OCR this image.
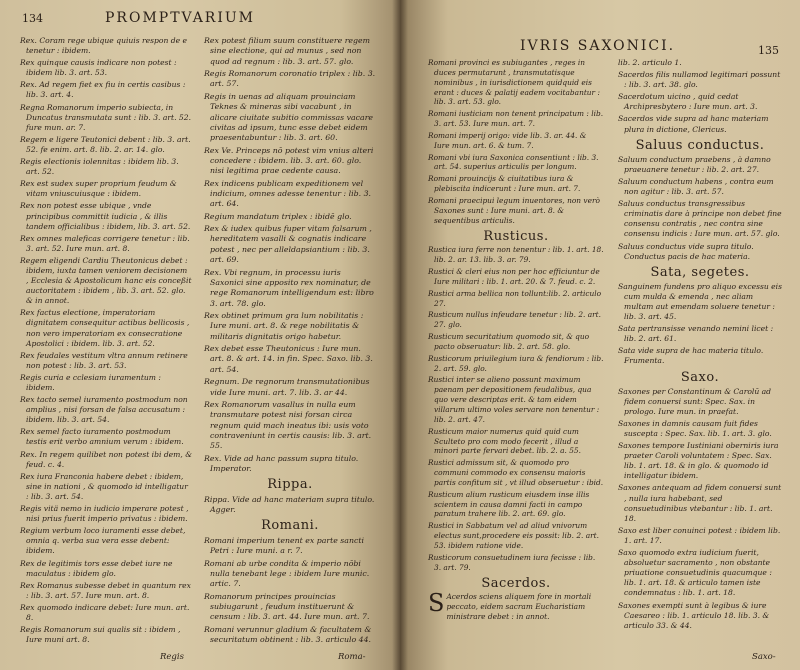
134	PROMPTVARIUM

Rex. Coram rege ubique quiuis respon de e tenetur : ibidem.

Rex quinque causis indicare non potest : ibidem lib. 3. art. 53.

Rex. Ad regem fiet ex fiu in certis casibus : lib. 3. art. 4.

Regna Romanorum imperio subiecta, in Duncatus transmutata sunt : lib. 3. art. 52. fure mun. ar. 7.

Regem e ligere Teutonici debent : lib. 3. art. 52. fe enim. art. 8. lib. 2. ar. 14. glo.

Regis electionis iolennitas : ibidem lib. 3. art. 52.

Rex est sudex super proprium feudum & vitam vniuscuiusque : ibidem.

Rex non potest esse ubique , vnde principibus committit iudicia , & illis tandem officialibus : ibidem, lib. 3. art. 52.

Rex omnes maleficas corrigere tenetur : lib. 3. art. 52. Iure mun. art. 8.

Regem eligendi Cardiu Theutonicus debet : ibidem, iuxta tamen veniorem decisionem , Ecclesia & Apostolicum hanc eis conceßit auctoritatem : ibidem , lib. 3. art. 52. glo. & in annot.

Rex factus electione, imperatoriam dignitatem consequitur actibus bellicosis , non vero imperatoriam ex consecratione Apostolici : ibidem. lib. 3. art. 52.

Rex feudales vestitum vltra annum retinere non potest : lib. 3. art. 53.

Regis curia e cclesiam iuramentum : ibidem.

Rex tacto semel iuramento postmodum non amplius , nisi forsan de falsa accusatum : ibidem. lib. 3. art. 54.

Rex semel facto iuramento postmodum testis erit verbo amnium verum : ibidem.

Rex. In regem quilibet non potest ibi dem, & feud. c. 4.

Rex iura Franconia habere debet : ibidem, sine in nationi , & quomodo id intelligatur : lib. 3. art. 54.

Regis vitä nemo in iudicio imperare potest , nisi prius fuerit imperio privatus : ibidem.

Regium verbum loco iuramenti esse debet, omnia q. verba sua vera esse debent: ibidem.

Rex de legitimis tors esse debet iure ne maculatus : ibidem glo.

Rex Romanus subesse debet in quantum rex : lib. 3. art. 57. Iure mun. art. 8.

Rex quomodo indicare debet: Iure mun. art. 8.

Regis Romanorum sui qualis sit : ibidem , Iure muni art. 8.

Regis

Rex potest filium suum constituere regem sine electione, qui ad munus , sed non quod ad regnum : lib. 3. art. 57. glo.

Regis Romanorum coronatio triplex : lib. 3. art. 57.

Regis in uenas ad aliquam prouinciam Teknes & mineras sibi vacabunt , in alicare ciuitate subitio commissas vacare civitas ad ipsum, tunc esse debet eidem praesentabuntur : lib. 3. art. 60.

Rex Ve. Princeps nō potest vim vnius alteri concedere : ibidem. lib. 3. art. 60. glo. nisi legitima prae cedente causa.

Rex indicens publicam expeditionem vel indicium, omnes adesse tenentur : lib. 3. art. 64.

Regium mandatum triplex : ibidē glo.

Rex & iudex quibus fuper vitam falsarum , hereditatem vasalli & cognatis indicare potest , nec per alleldapsiantium : lib. 3. art. 69.

Rex. Vbi regnum, in processu iuris Saxonici sine apposito rex nominatur, de rege Romanorum intelligendum est: libro 3. art. 78. glo.

Rex obtinet primum gra lum nobilitatis : Iure muni. art. 8. & rege nobilitatis & militaris dignitatis origo habetur.

Rex debet esse Theutonicus : Iure mun. art. 8. & art. 14. in fin. Spec. Saxo. lib. 3. art. 54.

Regnum. De regnorum transmutationibus vide Iure muni. art. 7. lib. 3. ar 44.

Rex Romanorum vasallus in nulla eum transmutare potest nisi forsan circa regnum quid mach ineatus ibi: usis voto contraveniunt in certis causis: lib. 3. art. 55.

Rex. Vide ad hanc passum supra titulo. Imperator.

Rippa.

Rippa. Vide ad hanc materiam supra titulo. Agger.

Romani.

Romani imperium tenent ex parte sancti Petri : Iure muni. a r. 7.

Romani ab urbe condita & imperio nōbi nulla tenebant lege : ibidem Iure munic. artic. 7.

Romanorum principes prouincias subiugarunt , feudum instituerunt & censum : lib. 3. art. 44. Iure mun. art. 7.

Romani verunnur gladium & facultatem & securitatum obtinent : lib. 3. articulo 44.

Roma-
IVRIS SAXONICI.	135

Romani provinci es subiugantes , reges in duces permutarunt , transmutatisque nominibus , in iurisdictionem quidquid eis erant : duces & palatij eadem vocitabantur : lib. 3. art. 53. glo.

Romani iusticiam non tenent principatum : lib. 3. art. 53. Iure mun. art. 7.

Romani imperij origo: vide lib. 3. ar. 44. & Iure mun. art. 6. & tum. 7.

Romani vbi iura Saxonica consentiunt : lib. 3. art. 54. superius articulis per longum.

Romani prouincijs & ciuitatibus iura & plebiscita indicerunt : Iure mun. art. 7.

Romani praecipui legum inuentores, non verò Saxones sunt : Iure muni. art. 8. & sequentibus articulis.

Rusticus.

Rustica iura ferre non tenentur : lib. 1. art. 18. lib. 2. ar. 13. lib. 3. ar. 79.

Rustici & cleri eius non per hoc efficiuntur de Iure militari : lib. 1. art. 20. & 7. feud. c. 2.

Rustici arma bellica non tollunt:lib. 2. articulo 27.

Rusticum nullus infeudare tenetur : lib. 2. art. 27. glo.

Rusticum securitatium quomodo sit, & quo pacto obseruatur: lib. 2. art. 58. glo.

Rusticorum priuilegium iura & fendiorum : lib. 2. art. 59. glo.

Rustici inter se alieno possunt maximum paenam per depositionem feudalibus, qua quo vere descriptas erit. & tam eidem villarum ultimo voles servare non tenentur : lib. 2. art. 47.

Rusticum maior numerus quid quid cum Sculteto pro com modo fecerit , illud a minori parte fervari debet. lib. 2. a. 55.

Rustici admissum sit, & quomodo pro communi commodo ex consensu maioris partis confitum sit , vt illud obseruetur : ibid.

Rusticum alium rusticum eiusdem inse illis scientem in causa damni facti in campo paratum trahere lib. 2. art. 69. glo.

Rustici in Sabbatum vel ad aliud vnivorum electus sunt,procedere eis possit: lib. 2. art. 53. ibidem ratione vide.

Rusticorum consuetudinem iura fecisse : lib. 3. art. 79.

Sacerdos.

S Acerdos sciens aliquem fore in mortali peccato, eidem sacram Eucharistiam ministrare debet : in annot.

lib. 2. articulo 1.

Sacerdos filis nullamod legitimari possunt : lib. 3. art. 38. glo.

Sacerdotum uicino , quid cedat Archipresbytero : Iure mun. art. 3.

Sacerdos vide supra ad hanc materiam plura in dictione, Clericus.

Saluus conductus.

Saluum conductum praebens , à damno praeuanere tenetur : lib. 2. art. 27.

Saluum conductum habens , contra eum non agitur : lib. 3. art. 57.

Saluus conductus transgressibus criminatis dare à principe non debet fine consensu contratis , nec contra sine consensu indicis : Iure mun. art. 57. glo.

Saluus conductus vide supra titulo. Conductus pacis de hac materia.

Sata, segetes.

Sanguinem fundens pro aliquo excessu eis cum mulda & emenda , nec aliam multam aut emendam soluere tenetur : lib. 3. art. 45.

Sata pertransisse venando nemini licet : lib. 2. art. 61.

Sata vide supra de hac materia titulo. Frumenta.

Saxo.

Saxones per Constantinum & Carolū ad fidem conuersi sunt: Spec. Sax. in prologo. Iure mun. in praefat.

Saxones in damnis causam fuit fides suscepta : Spec. Sax. lib. 1. art. 3. glo.

Saxones tempore Iustiniani oberniris iura praeter Caroli voluntatem : Spec. Sax. lib. 1. art. 18. & in glo. & quomodo id intelligatur ibidem.

Saxones antequam ad fidem conuersi sunt , nulla iura habebant, sed consuetudinibus vtebantur : lib. 1. art. 18.

Saxo est liber conuinci potest : ibidem lib. 1. art. 17.

Saxo quomodo extra iudicium fuerit, absoluetur sacramento , non obstante priuatione consuetudinis quacumque : lib. 1. art. 18. & articulo tamen iste condemnatus : lib. 1. art. 18.

Saxones exempti sunt à legibus & iure Caesareo : lib. 1. articulo 18. lib. 3. & articulo 33. & 44.

Saxo-
